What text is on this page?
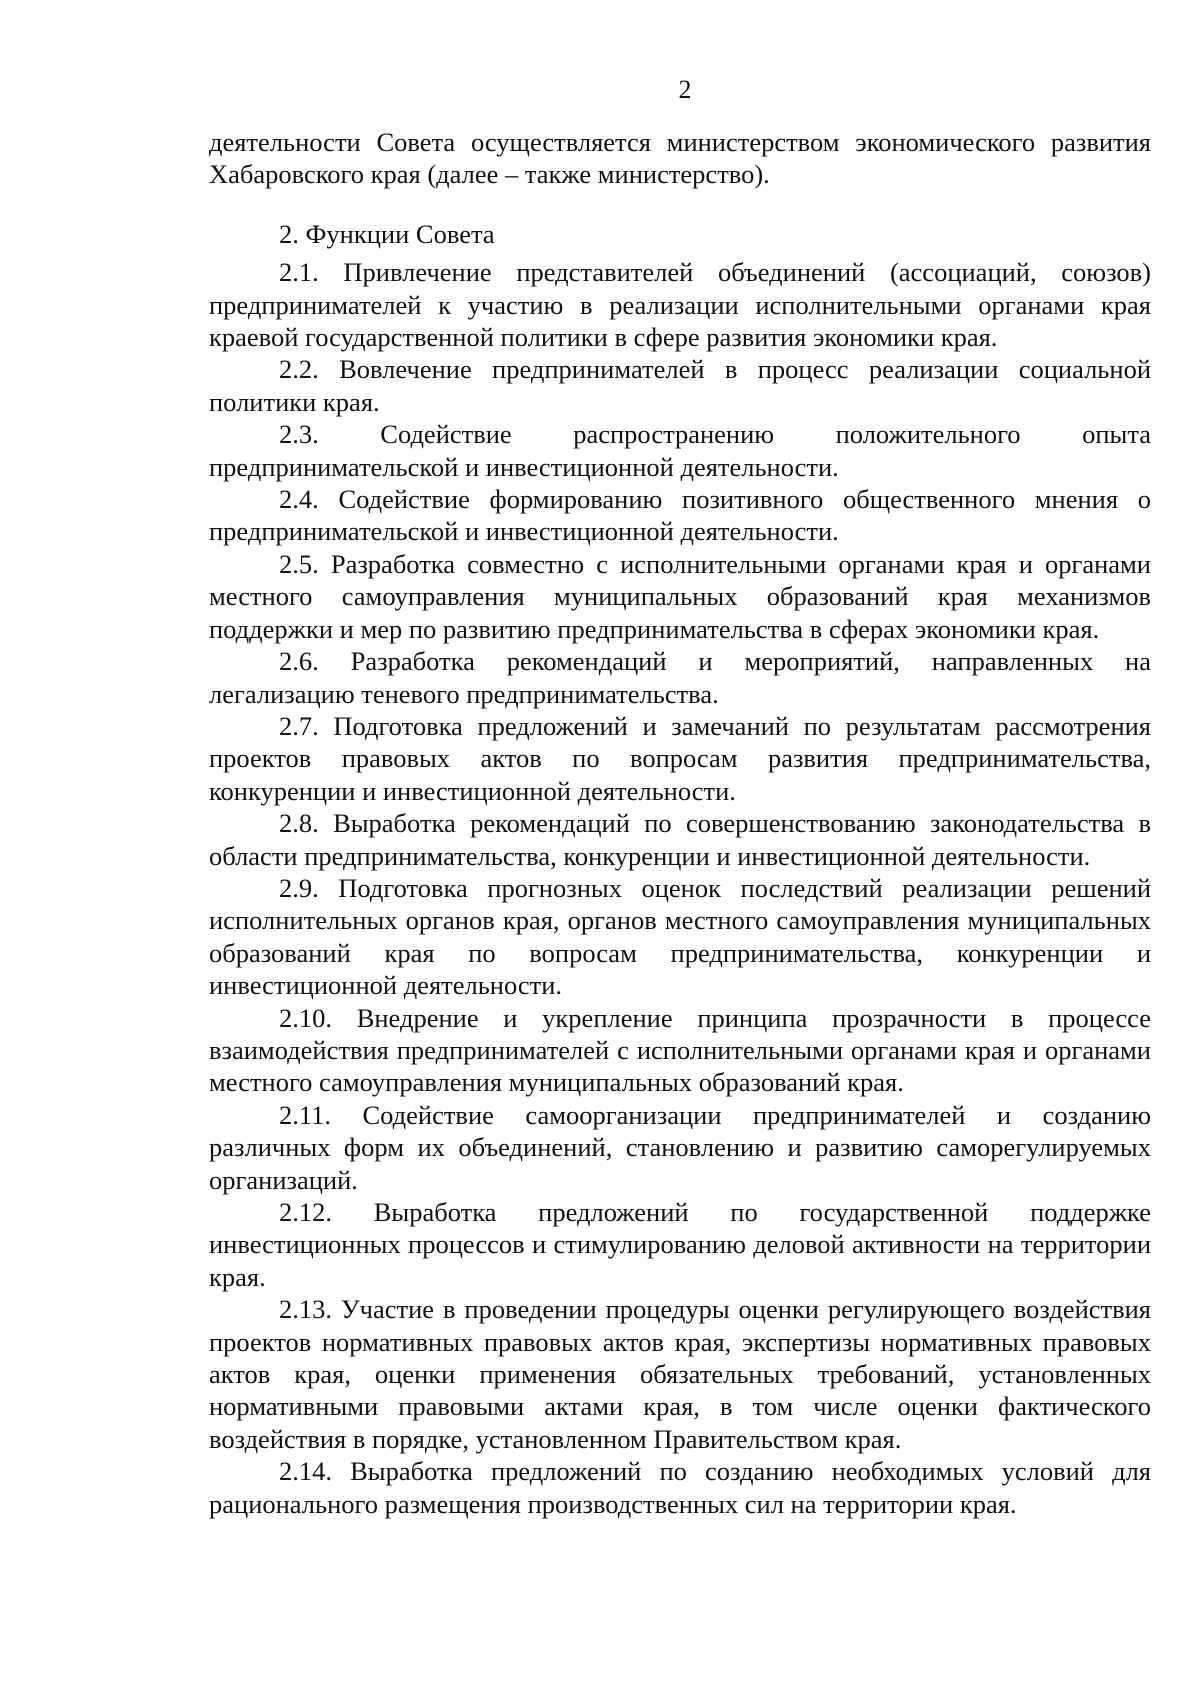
2

деятельности Совета осуществляется министерством экономического развития Хабаровского края (далее – также министерство).

2. Функции Совета

2.1. Привлечение представителей объединений (ассоциаций, союзов) предпринимателей к участию в реализации исполнительными органами края краевой государственной политики в сфере развития экономики края.

2.2. Вовлечение предпринимателей в процесс реализации социальной политики края.

2.3. Содействие распространению положительного опыта предпринимательской и инвестиционной деятельности.

2.4. Содействие формированию позитивного общественного мнения о предпринимательской и инвестиционной деятельности.

2.5. Разработка совместно с исполнительными органами края и органами местного самоуправления муниципальных образований края механизмов поддержки и мер по развитию предпринимательства в сферах экономики края.

2.6. Разработка рекомендаций и мероприятий, направленных на легализацию теневого предпринимательства.

2.7. Подготовка предложений и замечаний по результатам рассмотрения проектов правовых актов по вопросам развития предпринимательства, конкуренции и инвестиционной деятельности.

2.8. Выработка рекомендаций по совершенствованию законодательства в области предпринимательства, конкуренции и инвестиционной деятельности.

2.9. Подготовка прогнозных оценок последствий реализации решений исполнительных органов края, органов местного самоуправления муниципальных образований края по вопросам предпринимательства, конкуренции и инвестиционной деятельности.

2.10. Внедрение и укрепление принципа прозрачности в процессе взаимодействия предпринимателей с исполнительными органами края и органами местного самоуправления муниципальных образований края.

2.11. Содействие самоорганизации предпринимателей и созданию различных форм их объединений, становлению и развитию саморегулируемых организаций.

2.12. Выработка предложений по государственной поддержке инвестиционных процессов и стимулированию деловой активности на территории края.

2.13. Участие в проведении процедуры оценки регулирующего воздействия проектов нормативных правовых актов края, экспертизы нормативных правовых актов края, оценки применения обязательных требований, установленных нормативными правовыми актами края, в том числе оценки фактического воздействия в порядке, установленном Правительством края.

2.14. Выработка предложений по созданию необходимых условий для рационального размещения производственных сил на территории края.
